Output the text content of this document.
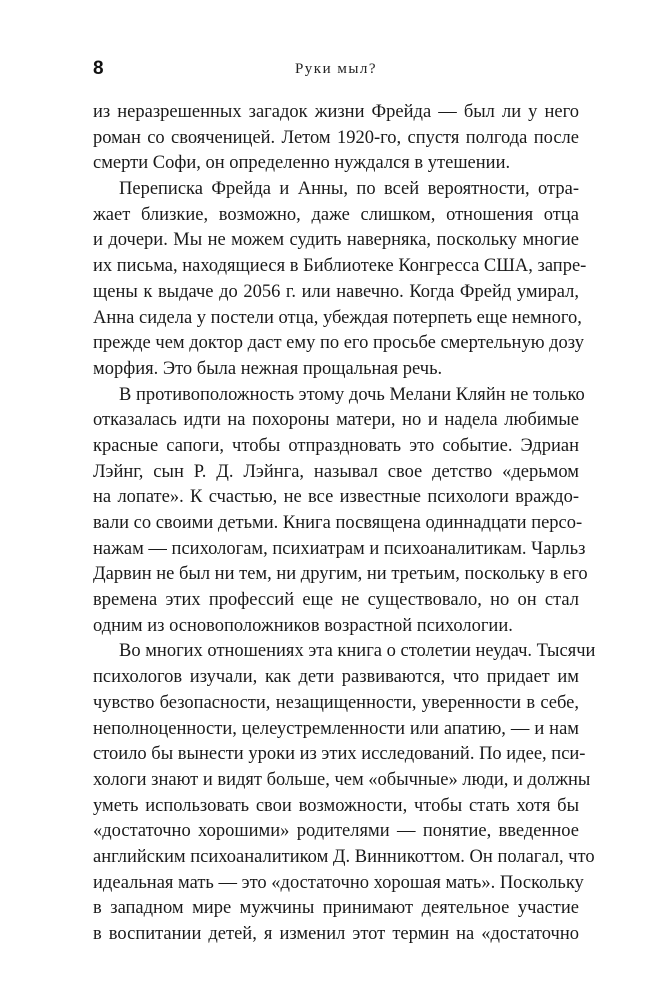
8	Руки мыл?
из неразрешенных загадок жизни Фрейда — был ли у него
роман со свояченицей. Летом 1920-го, спустя полгода после
смерти Софи, он определенно нуждался в утешении.
Переписка Фрейда и Анны, по всей вероятности, отра-
жает близкие, возможно, даже слишком, отношения отца
и дочери. Мы не можем судить наверняка, поскольку многие
их письма, находящиеся в Библиотеке Конгресса США, запре-
щены к выдаче до 2056 г. или навечно. Когда Фрейд умирал,
Анна сидела у постели отца, убеждая потерпеть еще немного,
прежде чем доктор даст ему по его просьбе смертельную дозу
морфия. Это была нежная прощальная речь.
В противоположность этому дочь Мелани Кляйн не только
отказалась идти на похороны матери, но и надела любимые
красные сапоги, чтобы отпраздновать это событие. Эдриан
Лэйнг, сын Р. Д. Лэйнга, называл свое детство «дерьмом
на лопате». К счастью, не все известные психологи враждо-
вали со своими детьми. Книга посвящена одиннадцати персо-
нажам — психологам, психиатрам и психоаналитикам. Чарльз
Дарвин не был ни тем, ни другим, ни третьим, поскольку в его
времена этих профессий еще не существовало, но он стал
одним из основоположников возрастной психологии.
Во многих отношениях эта книга о столетии неудач. Тысячи
психологов изучали, как дети развиваются, что придает им
чувство безопасности, незащищенности, уверенности в себе,
неполноценности, целеустремленности или апатию, — и нам
стоило бы вынести уроки из этих исследований. По идее, пси-
хологи знают и видят больше, чем «обычные» люди, и должны
уметь использовать свои возможности, чтобы стать хотя бы
«достаточно хорошими» родителями — понятие, введенное
английским психоаналитиком Д. Винникоттом. Он полагал, что
идеальная мать — это «достаточно хорошая мать». Поскольку
в западном мире мужчины принимают деятельное участие
в воспитании детей, я изменил этот термин на «достаточно
